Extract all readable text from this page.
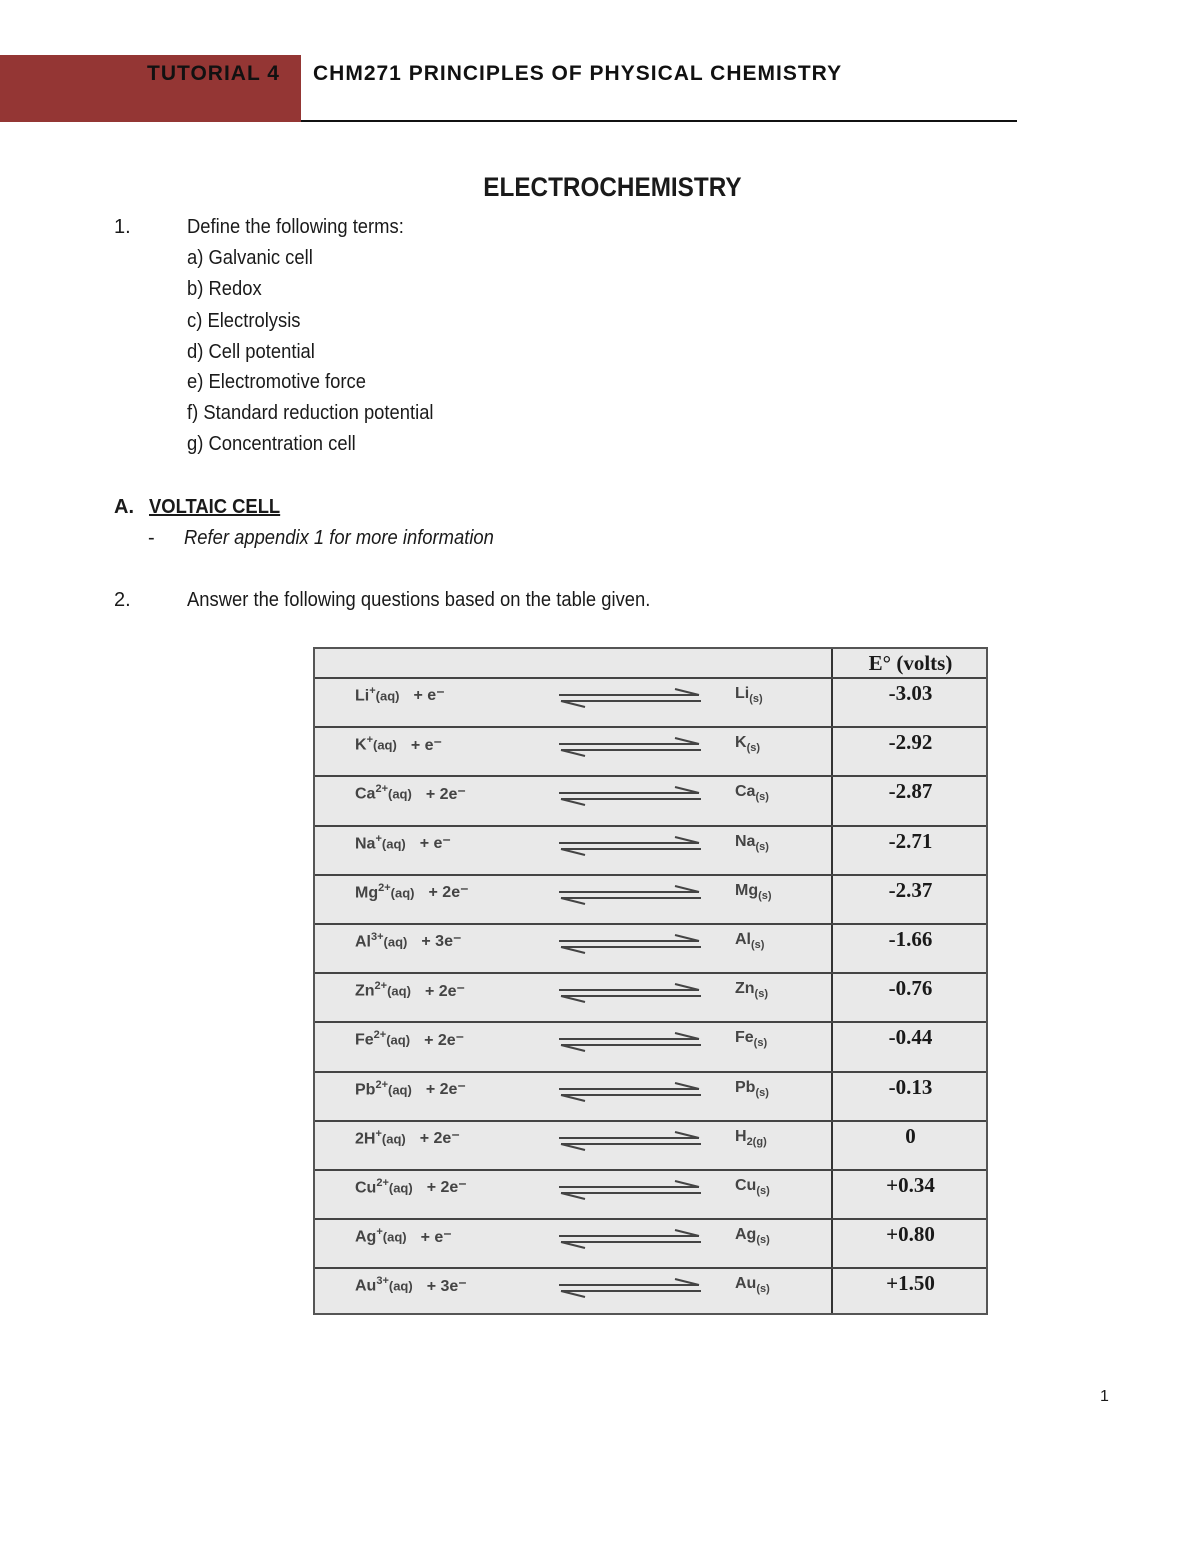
TUTORIAL 4 CHM271 PRINCIPLES OF PHYSICAL CHEMISTRY
ELECTROCHEMISTRY
1.	Define the following terms:
a) Galvanic cell
b) Redox
c) Electrolysis
d) Cell potential
e) Electromotive force
f) Standard reduction potential
g) Concentration cell
A. VOLTAIC CELL
- Refer appendix 1 for more information
2.	Answer the following questions based on the table given.
E° (volts)
Li+(aq) + e⁻	$Li_{(s)}$	-3.03
K+(aq) + e⁻	$K_{(s)}$	-2.92
$Ca^{2+}(aq) + 2e^-$	$Ca_{(s)}$	-2.87
Na+(aq) + e⁻	$Na_{(s)}$	-2.71
$Mg^{2+}(aq) + 2e^-$	$Mg_{(s)}$	-2.37
$Al^{3+}(aq) + 3e^-$	$Al_{(s)}$	-1.66
$Zn^{2+}(aq) + 2e^-$	$Zn_{(s)}$	-0.76
$Fe^{2+}(aq) + 2e^-$	$Fe_{(s)}$	-0.44
$Pb^{2+}(aq) + 2e^-$	$Pb_{(s)}$	-0.13
2H+(aq) + 2e⁻	$H_{2(g)}$	0
$Cu^{2+}(aq) + 2e^-$	$Cu_{(s)}$	+0.34
Ag+(aq) + e⁻	$Ag_{(s)}$	+0.80
$Au^{3+}(aq) + 3e^-$	$Au_{(s)}$	+1.50
1
